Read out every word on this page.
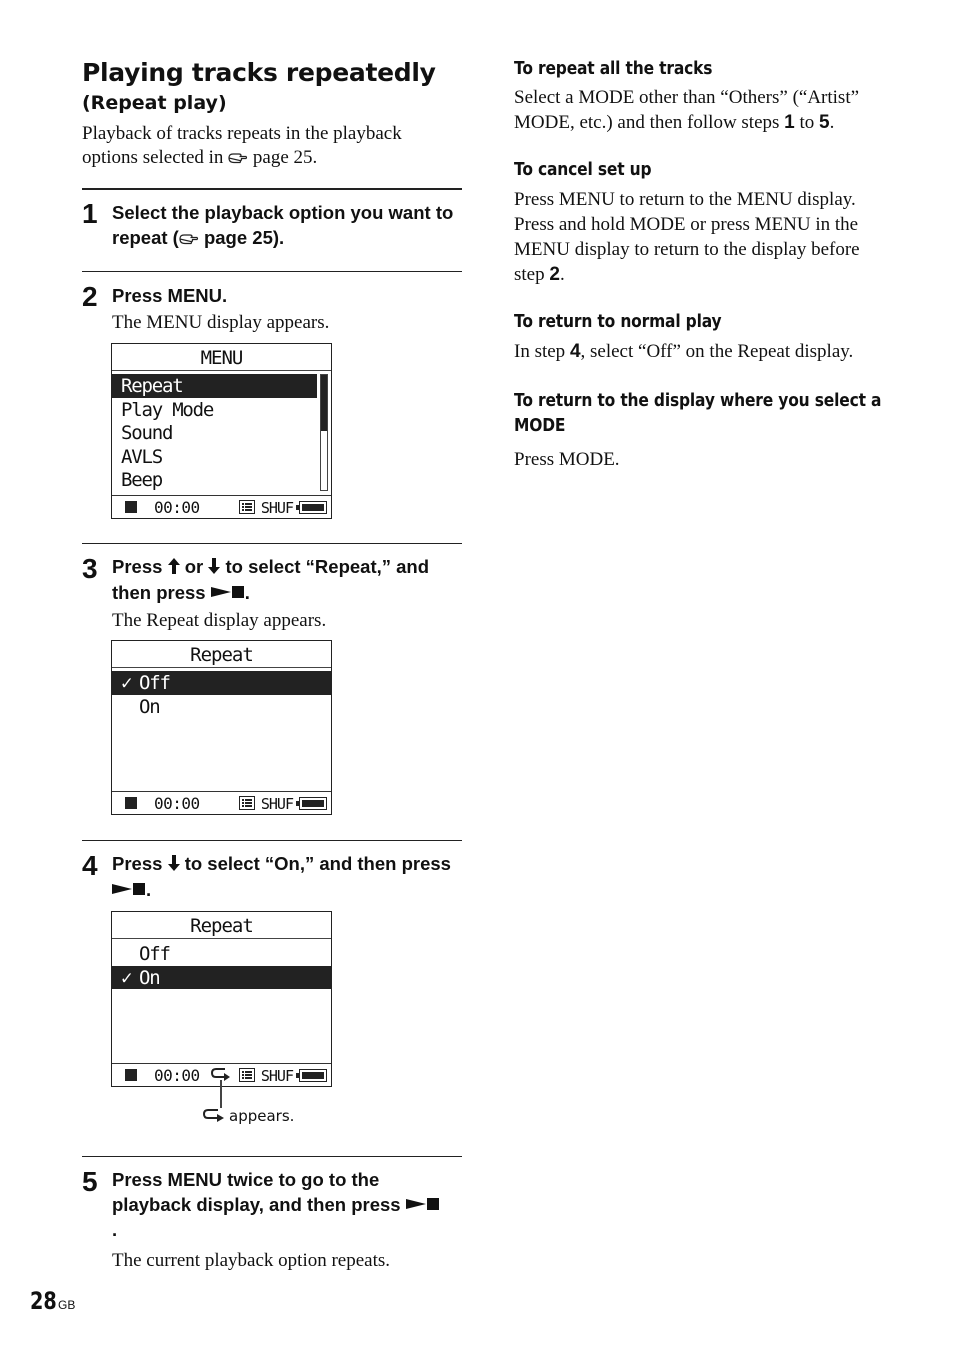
Playing tracks repeatedly
(Repeat play)
Playback of tracks repeats in the playback options selected in page 25.
1 Select the playback option you want to repeat ( page 25).
2 Press MENU.
The MENU display appears.
MENU
Repeat
Play Mode
Sound
AVLS
Beep
00:00	SHUF
3 Press or to select “Repeat,” and then press .
The Repeat display appears.
Repeat
✓ Off
On
00:00	SHUF
4 Press to select “On,” and then press .
Repeat
Off
✓ On
00:00	SHUF
appears.
5 Press MENU twice to go to the playback display, and then press .
The current playback option repeats.
To repeat all the tracks
Select a MODE other than “Others” (“Artist” MODE, etc.) and then follow steps 1 to 5.
To cancel set up
Press MENU to return to the MENU display. Press and hold MODE or press MENU in the MENU display to return to the display before step 2.
To return to normal play
In step 4, select “Off” on the Repeat display.
To return to the display where you select a MODE
Press MODE.
28 GB
